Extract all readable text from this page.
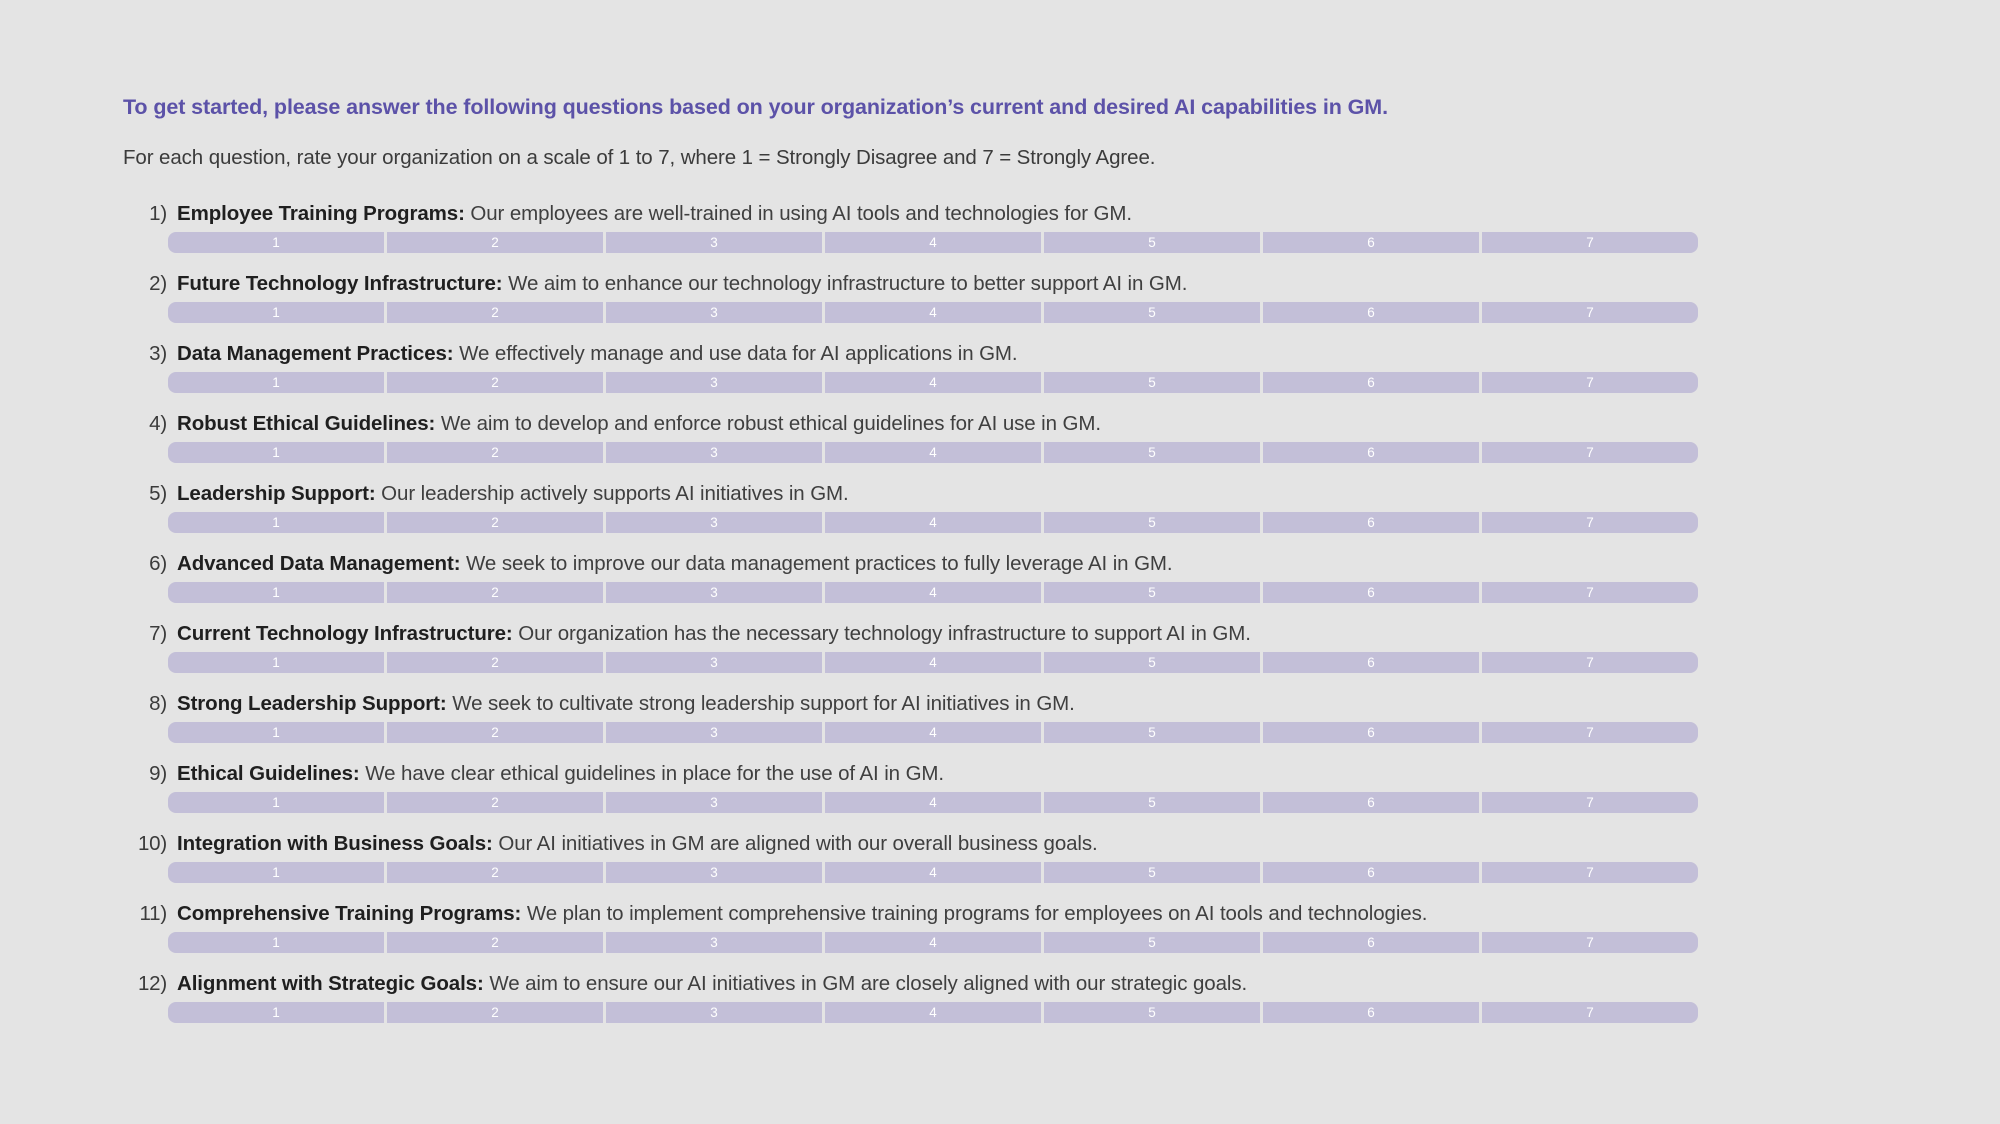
To get started, please answer the following questions based on your organization’s current and desired AI capabilities in GM.
For each question, rate your organization on a scale of 1 to 7, where 1 = Strongly Disagree and 7 = Strongly Agree.
1) Employee Training Programs: Our employees are well-trained in using AI tools and technologies for GM.
1	2	3	4	5	6	7
2) Future Technology Infrastructure: We aim to enhance our technology infrastructure to better support AI in GM.
1	2	3	4	5	6	7
3) Data Management Practices: We effectively manage and use data for AI applications in GM.
1	2	3	4	5	6	7
4) Robust Ethical Guidelines: We aim to develop and enforce robust ethical guidelines for AI use in GM.
1	2	3	4	5	6	7
5) Leadership Support: Our leadership actively supports AI initiatives in GM.
1	2	3	4	5	6	7
6) Advanced Data Management: We seek to improve our data management practices to fully leverage AI in GM.
1	2	3	4	5	6	7
7) Current Technology Infrastructure: Our organization has the necessary technology infrastructure to support AI in GM.
1	2	3	4	5	6	7
8) Strong Leadership Support: We seek to cultivate strong leadership support for AI initiatives in GM.
1	2	3	4	5	6	7
9) Ethical Guidelines: We have clear ethical guidelines in place for the use of AI in GM.
1	2	3	4	5	6	7
10) Integration with Business Goals: Our AI initiatives in GM are aligned with our overall business goals.
1	2	3	4	5	6	7
11) Comprehensive Training Programs: We plan to implement comprehensive training programs for employees on AI tools and technologies.
1	2	3	4	5	6	7
12) Alignment with Strategic Goals: We aim to ensure our AI initiatives in GM are closely aligned with our strategic goals.
1	2	3	4	5	6	7
